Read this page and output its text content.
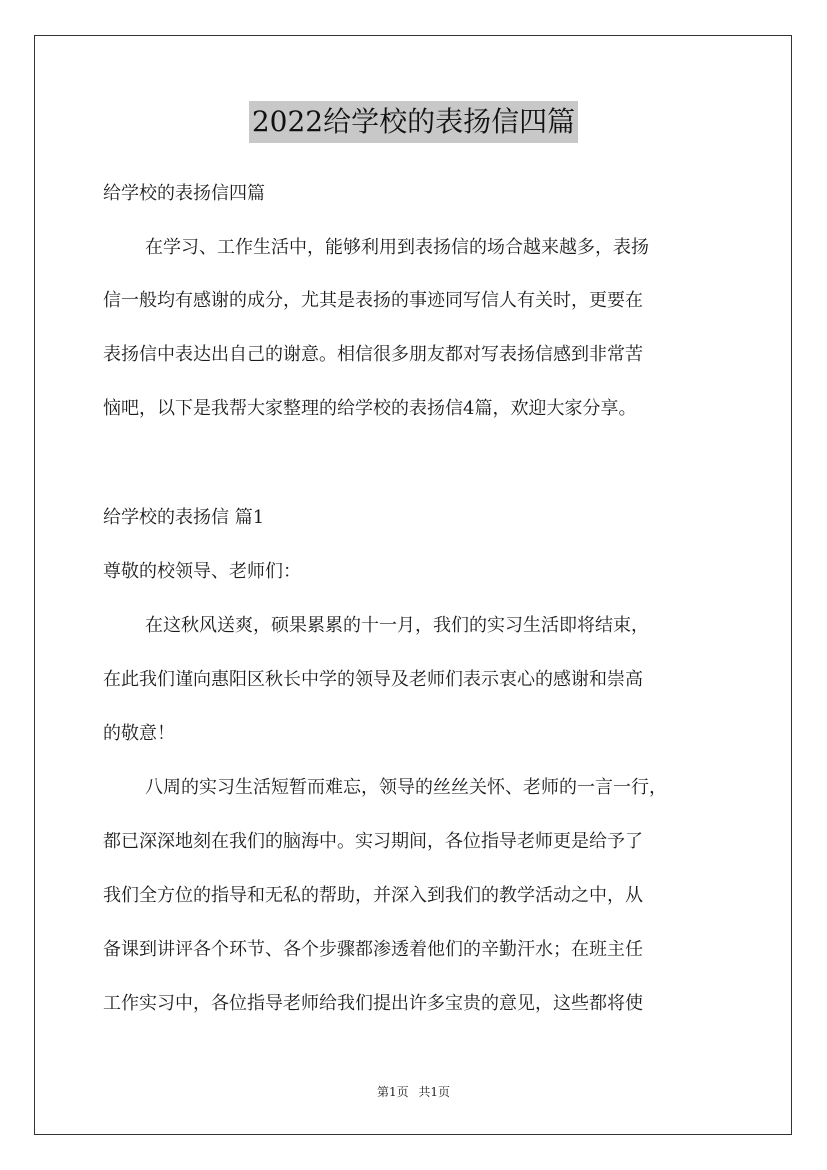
2022给学校的表扬信四篇
给学校的表扬信四篇
在学习、工作生活中，能够利用到表扬信的场合越来越多，表扬
信一般均有感谢的成分，尤其是表扬的事迹同写信人有关时，更要在
表扬信中表达出自己的谢意。相信很多朋友都对写表扬信感到非常苦
恼吧，以下是我帮大家整理的给学校的表扬信4篇，欢迎大家分享。
给学校的表扬信 篇1
尊敬的校领导、老师们：
在这秋风送爽，硕果累累的十一月，我们的实习生活即将结束，
在此我们谨向惠阳区秋长中学的领导及老师们表示衷心的感谢和崇高
的敬意！
八周的实习生活短暂而难忘，领导的丝丝关怀、老师的一言一行，
都已深深地刻在我们的脑海中。实习期间，各位指导老师更是给予了
我们全方位的指导和无私的帮助，并深入到我们的教学活动之中，从
备课到讲评各个环节、各个步骤都渗透着他们的辛勤汗水；在班主任
工作实习中，各位指导老师给我们提出许多宝贵的意见，这些都将使
第1页 共1页
